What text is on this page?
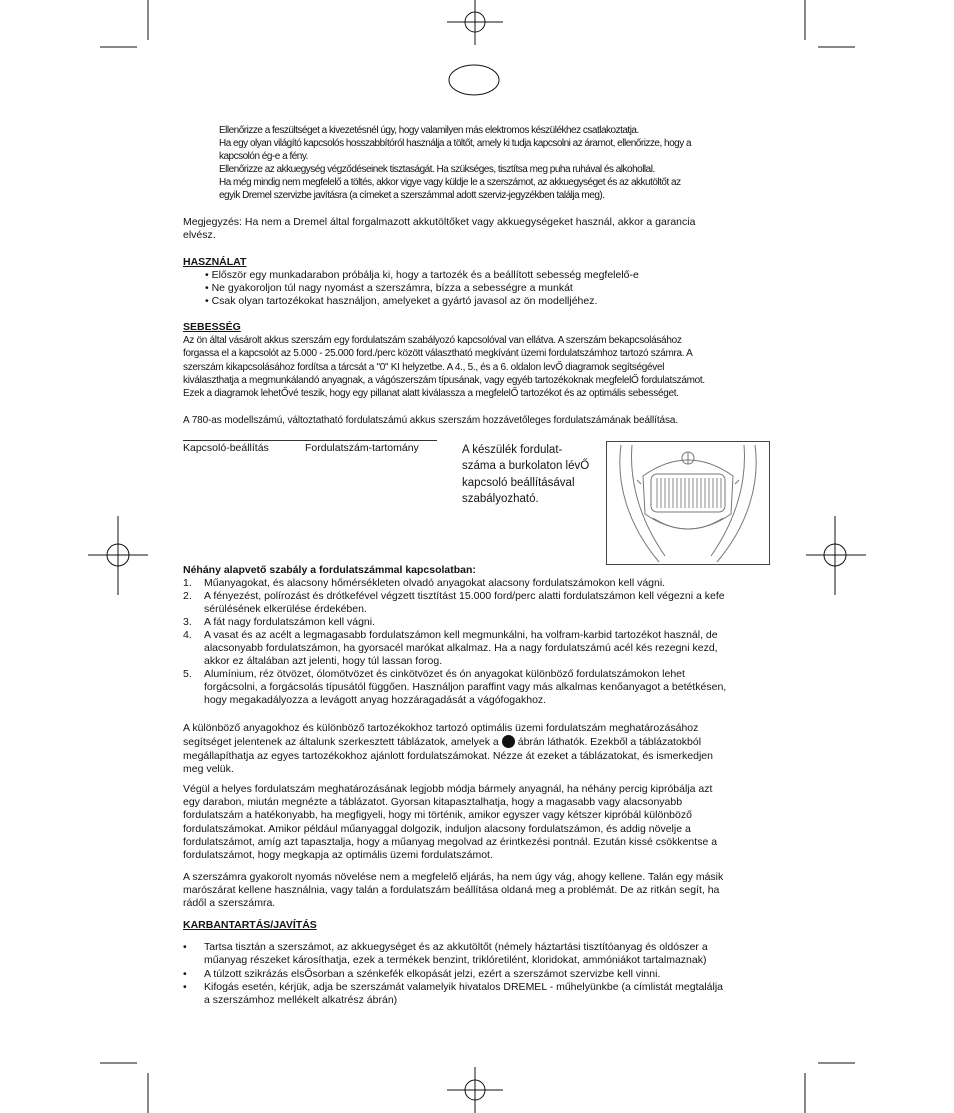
Ellenőrizze a feszültséget a kivezetésnél úgy, hogy valamilyen más elektromos készülékhez csatlakoztatja.
Ha egy olyan világító kapcsolós hosszabbítóról használja a töltőt, amely ki tudja kapcsolni az áramot, ellenőrizze, hogy a
kapcsolón ég-e a fény.
Ellenőrizze az akkuegység végződéseinek tisztaságát. Ha szükséges, tisztítsa meg puha ruhával és alkohollal.
Ha még mindig nem megfelelő a töltés, akkor vigye vagy küldje le a szerszámot, az akkuegységet és az akkutöltőt az
egyik Dremel szervizbe javításra (a címeket a szerszámmal adott szerviz-jegyzékben találja meg).
Megjegyzés: Ha nem a Dremel által forgalmazott akkutöltőket vagy akkuegységeket használ, akkor a garancia
elvész.
HASZNÁLAT
• Először egy munkadarabon próbálja ki, hogy a tartozék és a beállított sebesség megfelelő-e
• Ne gyakoroljon túl nagy nyomást a szerszámra, bízza a sebességre a munkát
• Csak olyan tartozékokat használjon, amelyeket a gyártó javasol az ön modelljéhez.
SEBESSÉG
Az ön által vásárolt akkus szerszám egy fordulatszám szabályozó kapcsolóval van ellátva. A szerszám bekapcsolásához
forgassa el a kapcsolót az 5.000 - 25.000 ford./perc között választható megkívánt üzemi fordulatszámhoz tartozó számra. A
szerszám kikapcsolásához fordítsa a tárcsát a "0" KI helyzetbe. A 4., 5., és a 6. oldalon levŐ diagramok segítségével
kiválaszthatja a megmunkálandó anyagnak, a vágószerszám típusának, vagy egyéb tartozékoknak megfelelŐ fordulatszámot.
Ezek a diagramok lehetŐvé teszik, hogy egy pillanat alatt kiválassza a megfelelŐ tartozékot és az optimális sebességet.
A 780-as modellszámú, változtatható fordulatszámú akkus szerszám hozzávetőleges fordulatszámának beállítása.
Kapcsoló-beállítás	Fordulatszám-tartomány	A készülék fordulat-
száma a burkolaton lévŐ
kapcsoló beállításával
szabályozható.
Néhány alapvető szabály a fordulatszámmal kapcsolatban:
1. Műanyagokat, és alacsony hőmérsékleten olvadó anyagokat alacsony fordulatszámokon kell vágni.
2. A fényezést, polírozást és drótkefével végzett tisztítást 15.000 ford/perc alatti fordulatszámon kell végezni a kefe
sérülésének elkerülése érdekében.
3. A fát nagy fordulatszámon kell vágni.
4. A vasat és az acélt a legmagasabb fordulatszámon kell megmunkálni, ha volfram-karbid tartozékot használ, de
alacsonyabb fordulatszámon, ha gyorsacél marókat alkalmaz. Ha a nagy fordulatszámú acél kés rezegni kezd,
akkor ez általában azt jelenti, hogy túl lassan forog.
5. Alumínium, réz ötvözet, ólomötvözet és cinkötvözet és ón anyagokat különböző fordulatszámokon lehet
forgácsolni, a forgácsolás típusától függően. Használjon paraffint vagy más alkalmas kenőanyagot a betétkésen,
hogy megakadályozza a levágott anyag hozzáragadását a vágófogakhoz.
A különböző anyagokhoz és különböző tartozékokhoz tartozó optimális üzemi fordulatszám meghatározásához
segítséget jelentenek az általunk szerkesztett táblázatok, amelyek a ábrán láthatók. Ezekből a táblázatokból
megállapíthatja az egyes tartozékokhoz ajánlott fordulatszámokat. Nézze át ezeket a táblázatokat, és ismerkedjen
meg velük.
Végül a helyes fordulatszám meghatározásának legjobb módja bármely anyagnál, ha néhány percig kipróbálja azt
egy darabon, miután megnézte a táblázatot. Gyorsan kitapasztalhatja, hogy a magasabb vagy alacsonyabb
fordulatszám a hatékonyabb, ha megfigyeli, hogy mi történik, amikor egyszer vagy kétszer kipróbál különböző
fordulatszámokat. Amikor például műanyaggal dolgozik, induljon alacsony fordulatszámon, és addig növelje a
fordulatszámot, amíg azt tapasztalja, hogy a műanyag megolvad az érintkezési pontnál. Ezután kissé csökkentse a
fordulatszámot, hogy megkapja az optimális üzemi fordulatszámot.
A szerszámra gyakorolt nyomás növelése nem a megfelelő eljárás, ha nem úgy vág, ahogy kellene. Talán egy másik
marószárat kellene használnia, vagy talán a fordulatszám beállítása oldaná meg a problémát. De az ritkán segít, ha
rádől a szerszámra.
KARBANTARTÁS/JAVÍTÁS
• Tartsa tisztán a szerszámot, az akkuegységet és az akkutöltőt (némely háztartási tisztítóanyag és oldószer a
műanyag részeket károsíthatja, ezek a termékek benzint, triklóretilént, kloridokat, ammóniákot tartalmaznak)
• A túlzott szikrázás elsŐsorban a szénkefék elkopását jelzi, ezért a szerszámot szervizbe kell vinni.
• Kifogás esetén, kérjük, adja be szerszámát valamelyik hivatalos DREMEL - műhelyünkbe (a címlistát megtalálja
a szerszámhoz mellékelt alkatrész ábrán)
